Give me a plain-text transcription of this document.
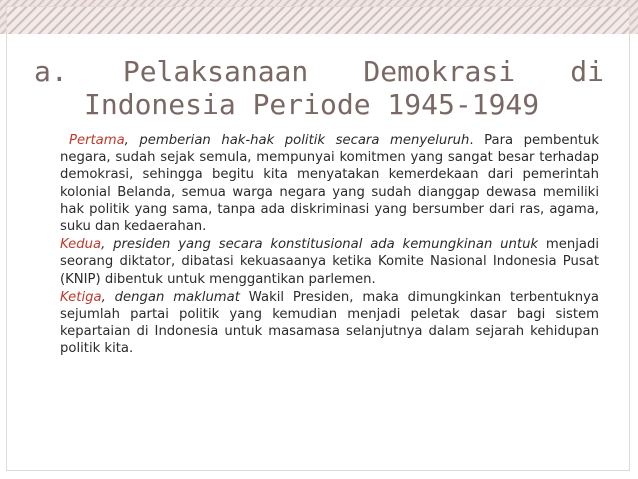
a. Pelaksanaan Demokrasi di
Indonesia Periode 1945-1949

Pertama, pemberian hak-hak politik secara menyeluruh. Para pembentuk negara, sudah sejak semula, mempunyai komitmen yang sangat besar terhadap demokrasi, sehingga begitu kita menyatakan kemerdekaan dari pemerintah kolonial Belanda, semua warga negara yang sudah dianggap dewasa memiliki hak politik yang sama, tanpa ada diskriminasi yang bersumber dari ras, agama, suku dan kedaerahan.

Kedua, presiden yang secara konstitusional ada kemungkinan untuk menjadi seorang diktator, dibatasi kekuasaanya ketika Komite Nasional Indonesia Pusat (KNIP) dibentuk untuk menggantikan parlemen.

Ketiga, dengan maklumat Wakil Presiden, maka dimungkinkan terbentuknya sejumlah partai politik yang kemudian menjadi peletak dasar bagi sistem kepartaian di Indonesia untuk masamasa selanjutnya dalam sejarah kehidupan politik kita.
